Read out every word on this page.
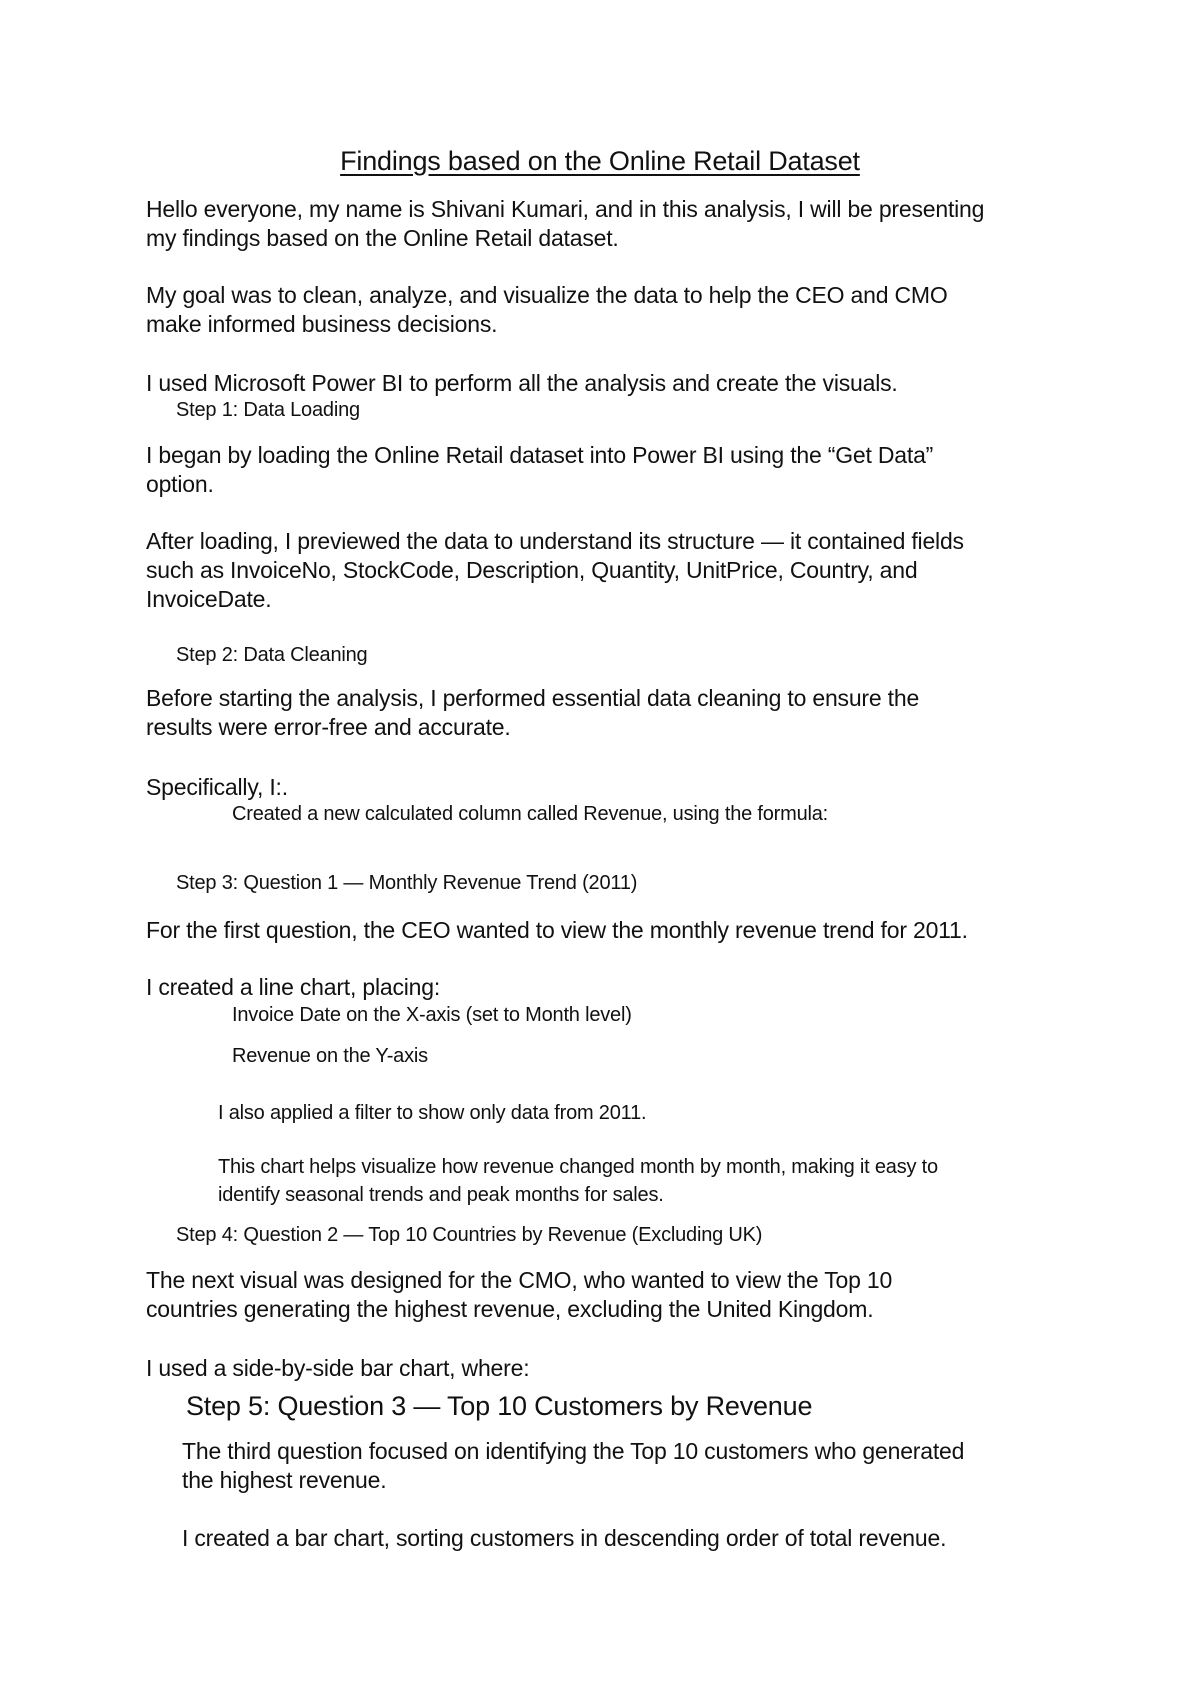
Findings based on the Online Retail Dataset
Hello everyone, my name is Shivani Kumari, and in this analysis, I will be presenting
my findings based on the Online Retail dataset.
My goal was to clean, analyze, and visualize the data to help the CEO and CMO
make informed business decisions.
I used Microsoft Power BI to perform all the analysis and create the visuals.
Step 1: Data Loading
I began by loading the Online Retail dataset into Power BI using the “Get Data”
option.
After loading, I previewed the data to understand its structure — it contained fields
such as InvoiceNo, StockCode, Description, Quantity, UnitPrice, Country, and
InvoiceDate.
Step 2: Data Cleaning
Before starting the analysis, I performed essential data cleaning to ensure the
results were error-free and accurate.
Specifically, I:.
Created a new calculated column called Revenue, using the formula:
Step 3: Question 1 — Monthly Revenue Trend (2011)
For the first question, the CEO wanted to view the monthly revenue trend for 2011.
I created a line chart, placing:
Invoice Date on the X-axis (set to Month level)
Revenue on the Y-axis
I also applied a filter to show only data from 2011.
This chart helps visualize how revenue changed month by month, making it easy to
identify seasonal trends and peak months for sales.
Step 4: Question 2 — Top 10 Countries by Revenue (Excluding UK)
The next visual was designed for the CMO, who wanted to view the Top 10
countries generating the highest revenue, excluding the United Kingdom.
I used a side-by-side bar chart, where:
Step 5: Question 3 — Top 10 Customers by Revenue
The third question focused on identifying the Top 10 customers who generated
the highest revenue.
I created a bar chart, sorting customers in descending order of total revenue.
